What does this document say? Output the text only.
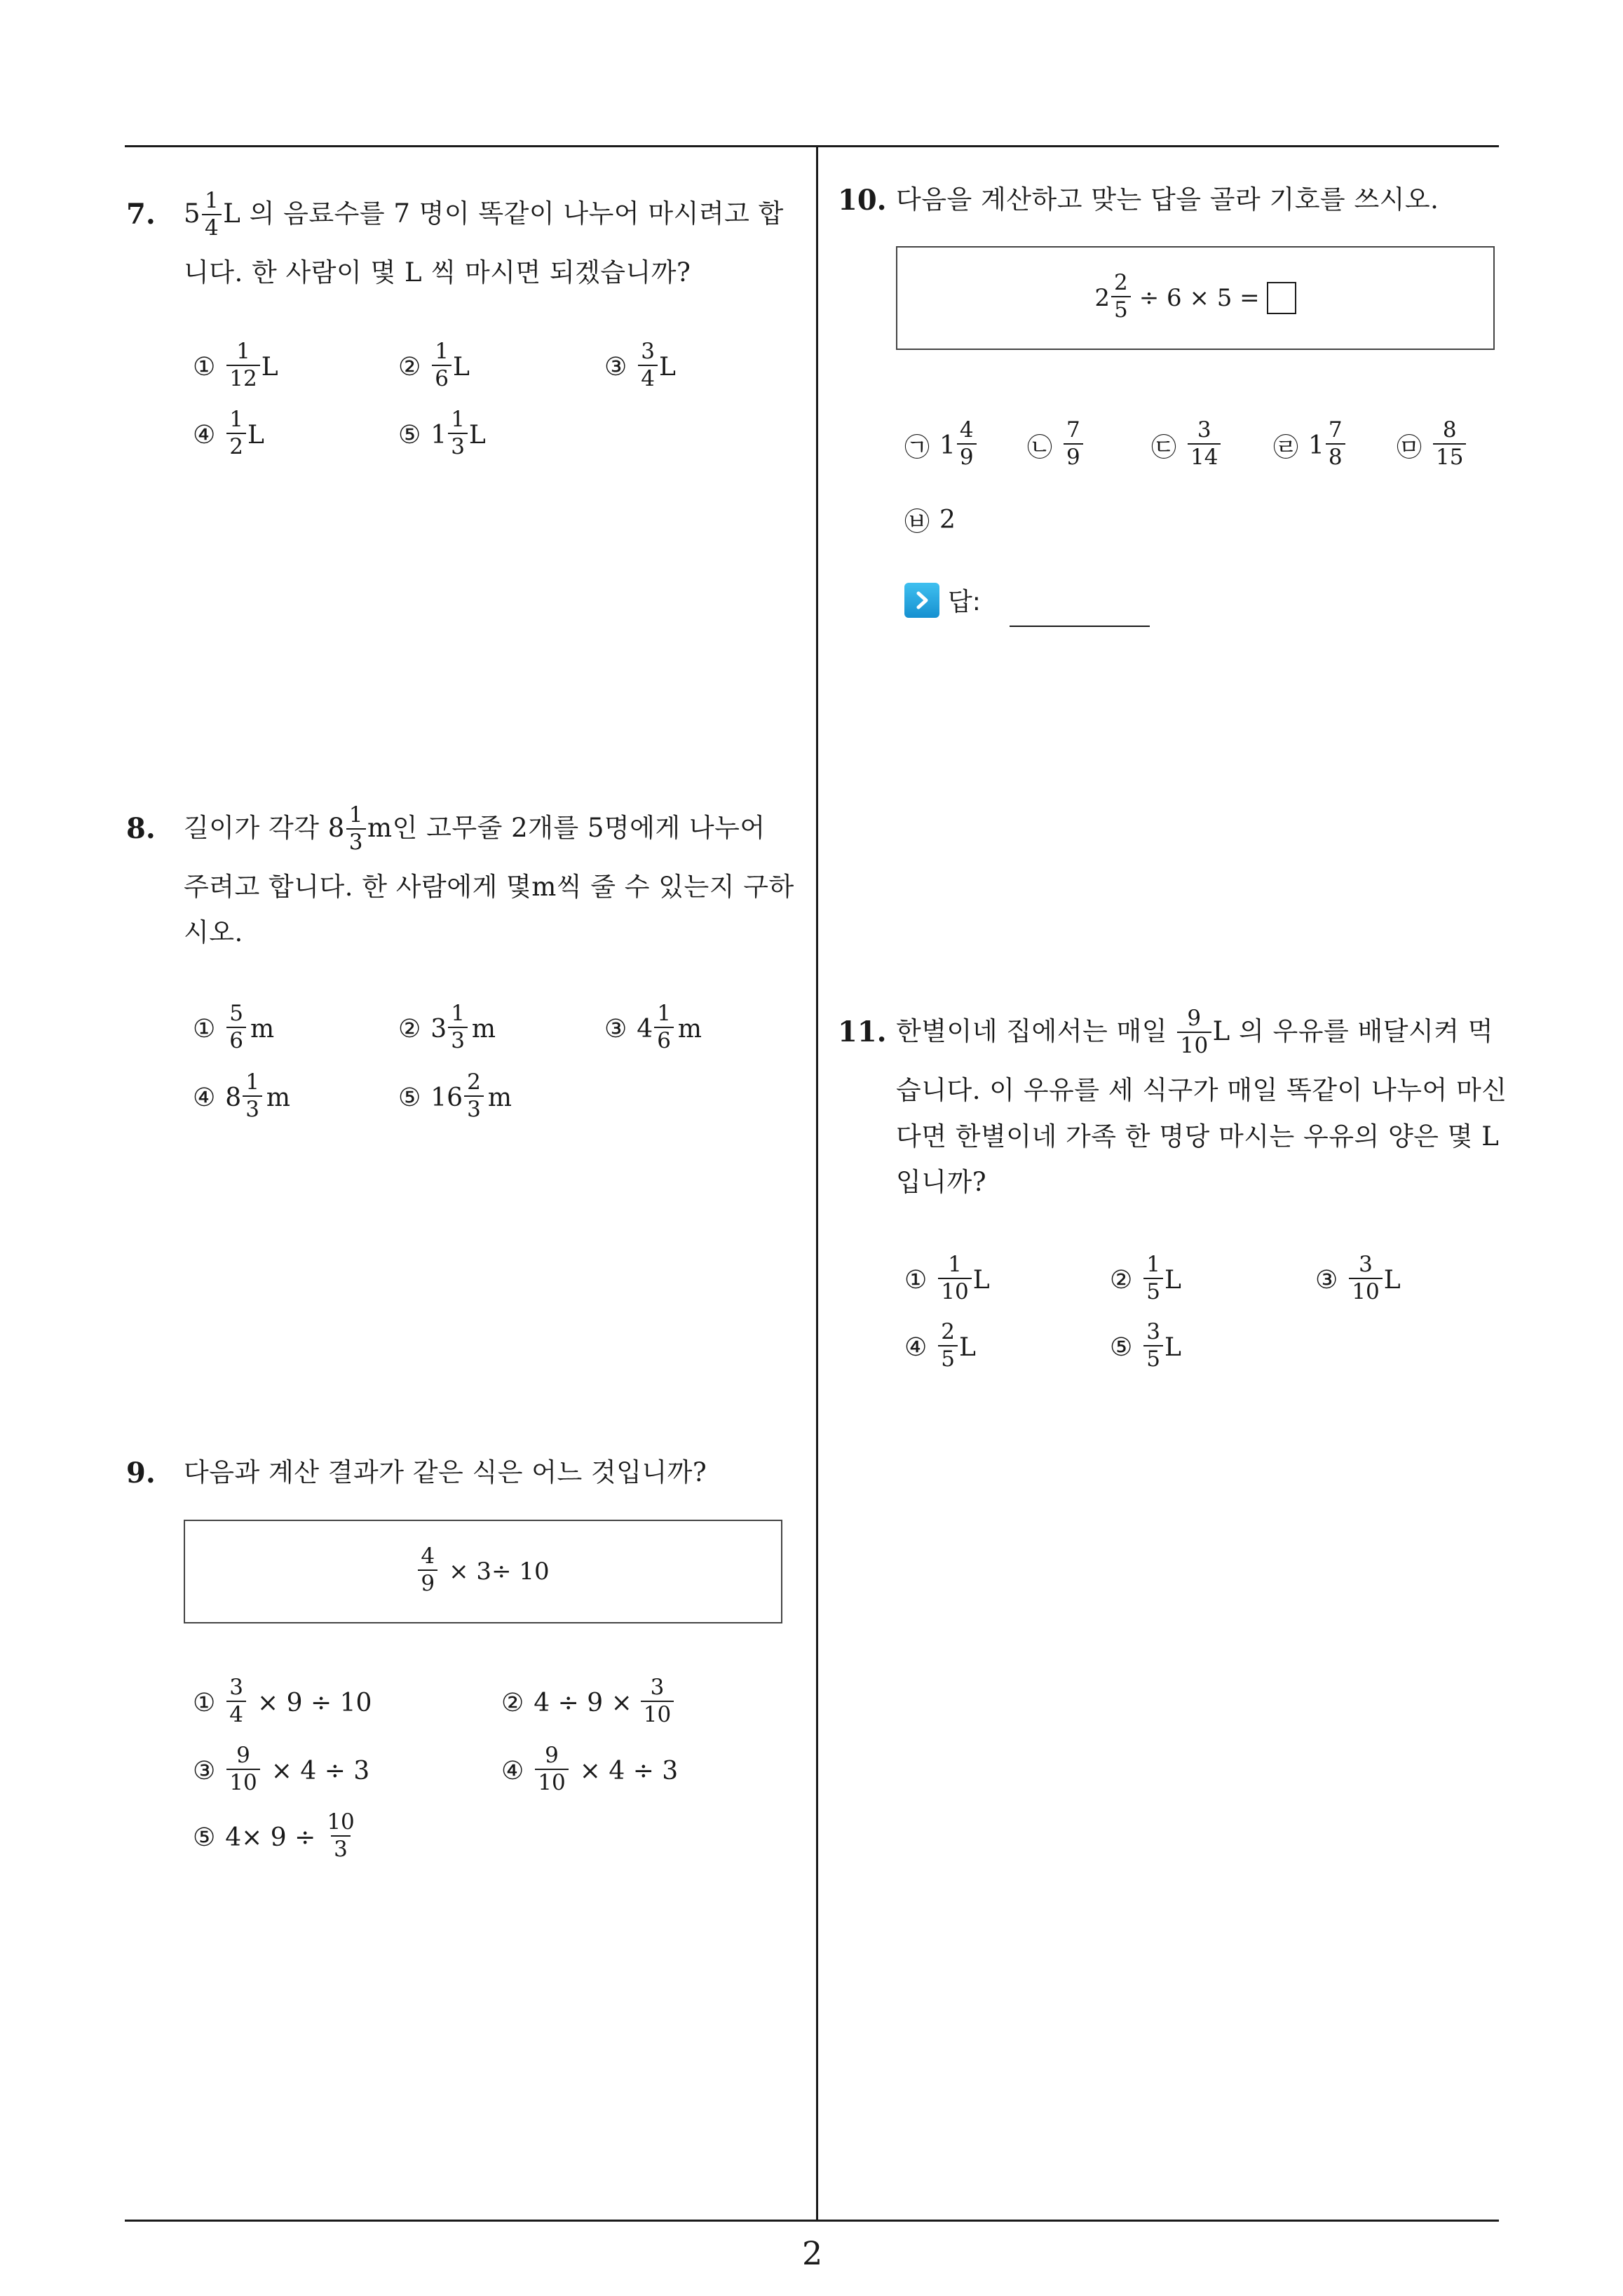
7. $5 \frac{1}{4}$ L 의 음료수를 7 명이 똑같이 나누어 마시려고 합
니다. 한 사람이 몇 L 씩 마시면 되겠습니까?
① $\frac{1}{12}$ L	② $\frac{1}{6}$ L	③ $\frac{3}{4}$ L
④ $\frac{1}{2}$ L	⑤ $1 \frac{1}{3}$ L
8. 길이가 각각 $8 \frac{1}{3}$ m인 고무줄 2개를 5명에게 나누어
주려고 합니다. 한 사람에게 몇m씩 줄 수 있는지 구하
시오.
① $\frac{5}{6}$ m	② $3 \frac{1}{3}$ m	③ $4 \frac{1}{6}$ m
④ $8 \frac{1}{3}$ m	⑤ $16 \frac{2}{3}$ m
9. 다음과 계산 결과가 같은 식은 어느 것입니까?
$\frac{4}{9} \times 3\div 10$
① $\frac{3}{4} \times 9 \div 10$	② $4 \div 9 \times \frac{3}{10}$
③ $\frac{9}{10} \times 4 \div 3$	④ $\frac{9}{10} \times 4 \div 3$
⑤ $4\times 9 \div \frac{10}{3}$
10. 다음을 계산하고 맞는 답을 골라 기호를 쓰시오.
$2 \frac{2}{5} \div 6 \times 5$ =
㉠ $1 \frac{4}{9}$ ㉡ $\frac{7}{9}$	㉢ $\frac{3}{14}$ ㉣ $1 \frac{7}{8}$ ㉤ $\frac{8}{15}$
㉥ 2
답:
11. 한별이네 집에서는 매일 $\frac{9}{10}$ L 의 우유를 배달시켜 먹
습니다. 이 우유를 세 식구가 매일 똑같이 나누어 마신
다면 한별이네 가족 한 명당 마시는 우유의 양은 몇 L
입니까?
① $\frac{1}{10}$ L	② $\frac{1}{5}$ L	③ $\frac{3}{10}$ L
④ $\frac{2}{5}$ L	⑤ $\frac{3}{5}$ L
2
